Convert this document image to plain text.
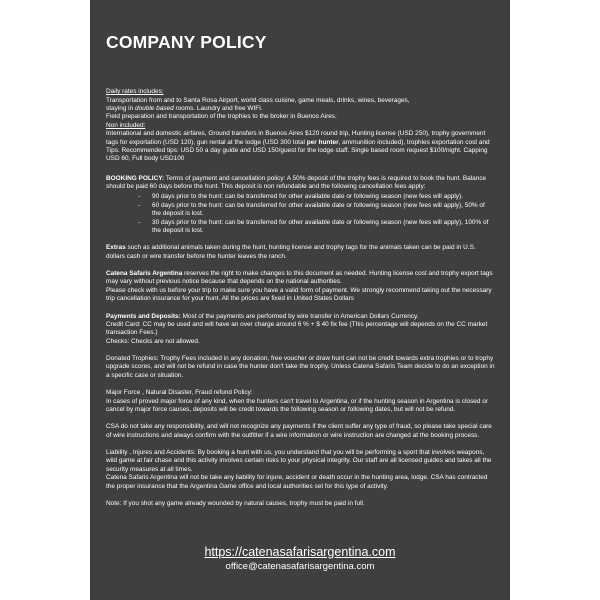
COMPANY POLICY

Daily rates includes:

Transportation from and to Santa Rosa Airport, world class cuisine, game meals, drinks, wines, beverages,

staying in double based rooms. Laundry and free WIFI.

Field preparation and transportation of the trophies to the broker in Buenos Aires.

Non included:

International and domestic airfares, Ground transfers in Buenos Aires $120 round trip, Hunting license (USD 250), trophy government tags for exportation (USD 120), gun rental at the lodge (USD 300 total per hunter, ammunition included), trophies exportation cost and Tips. Recommended tips: USD 50 a day guide and USD 150/guest for the lodge staff. Single based room request $100/night. Capping USD 60, Full body USD100

BOOKING POLICY: Terms of payment and cancellation policy: A 50% deposit of the trophy fees is required to book the hunt. Balance should be paid 60 days before the hunt. This deposit is non refundable and the following cancellation fees apply:

- 90 days prior to the hunt: can be transferred for other available date or following season (new fees will apply).
- 60 days prior to the hunt: can be transferred for other available date or following season (new fees will apply), 50% of the deposit is lost.
- 30 days prior to the hunt: can be transferred for other available date or following season (new fees will apply), 100% of the deposit is lost.

Extras such as additional animals taken during the hunt, hunting license and trophy tags for the animals taken can be paid in U.S. dollars cash or wire transfer before the hunter leaves the ranch.

Catena Safaris Argentina reserves the right to make changes to this document as needed. Hunting license cost and trophy export tags may vary without previous notice because that depends on the national authorities.

Please check with us before your trip to make sure you have a valid form of payment. We strongly recommend taking out the necessary trip cancellation insurance for your hunt. All the prices are fixed in United States Dollars

Payments and Deposits: Most of the payments are performed by wire transfer in American Dollars Currency.

Credit Card: CC may be used and will have an over charge around 6 % + $ 40 fix fee (This percentage will depends on the CC market transaction Fees.)

Checks: Checks are not allowed.

Donated Trophies: Trophy Fees included in any donation, free voucher or draw hunt can not be credit towards extra trophies or to trophy upgrade scores, and will not be refund in case the hunter don't take the trophy. Unless Catena Safaris Team decide to do an exception in a specific case or situation.

Major Force , Natural Disaster, Fraud refund Policy:

In cases of proved major force of any kind, when the hunters can't travel to Argentina, or if the hunting season in Argentina is closed or cancel by major force causes, deposits will be credit towards the following season or following dates, but will not be refund.

CSA do not take any responsibility, and will not recognize any payments if the client suffer any type of fraud, so please take special care of wire instructions and always confirm with the outfitter if a wire information or wire instruction are changed at the booking process.

Liability , Injures and Accidents: By booking a hunt with us, you understand that you will be performing a sport that involves weapons, wild game at fair chase and this activity involves certain risks to your physical integrity. Our staff are all licensed guides and takes all the security measures at all times.

Catena Safaris Argentina will not be take any liability for injure, accident or death occur in the hunting area, lodge. CSA has contracted the proper insurance that the Argentina Game office and local authorities set for this type of activity.

Note: If you shot any game already wounded by natural causes, trophy must be paid in full.

https://catenasafarisargentina.com
office@catenasafarisargentina.com
